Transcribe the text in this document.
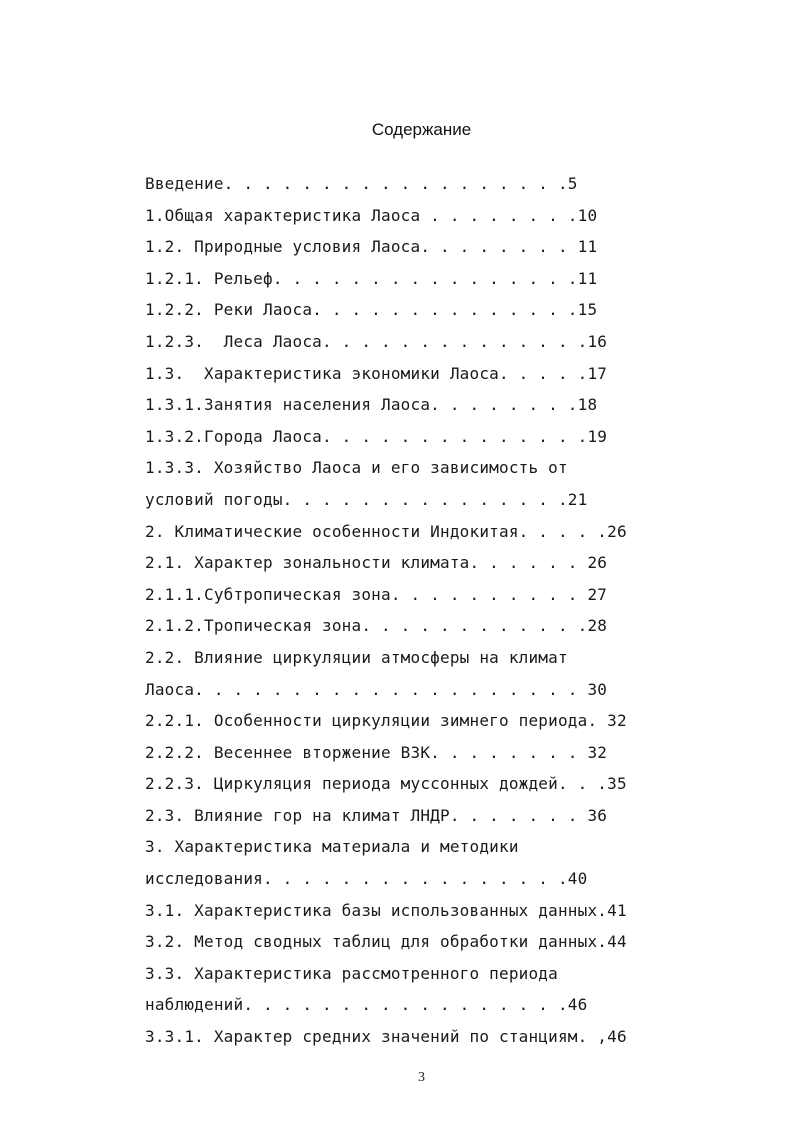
Содержание
Введение. . . . . . . . . . . . . . . . . .5
1.Общая характеристика Лаоса . . . . . . . .10
1.2. Природные условия Лаоса. . . . . . . . 11
1.2.1. Рельеф. . . . . . . . . . . . . . . .11
1.2.2. Реки Лаоса. . . . . . . . . . . . . .15
1.2.3.  Леса Лаоса. . . . . . . . . . . . . .16
1.3.  Характеристика экономики Лаоса. . . . .17
1.3.1.Занятия населения Лаоса. . . . . . . .18
1.3.2.Города Лаоса. . . . . . . . . . . . . .19
1.3.3. Хозяйство Лаоса и его зависимость от
условий погоды. . . . . . . . . . . . . . .21
2. Климатические особенности Индокитая. . . . .26
2.1. Характер зональности климата. . . . . . 26
2.1.1.Субтропическая зона. . . . . . . . . . 27
2.1.2.Тропическая зона. . . . . . . . . . . .28
2.2. Влияние циркуляции атмосферы на климат
Лаоса. . . . . . . . . . . . . . . . . . . . 30
2.2.1. Особенности циркуляции зимнего периода. 32
2.2.2. Весеннее вторжение ВЗК. . . . . . . . 32
2.2.3. Циркуляция периода муссонных дождей. . .35
2.3. Влияние гор на климат ЛНДР. . . . . . . 36
3. Характеристика материала и методики
исследования. . . . . . . . . . . . . . . .40
3.1. Характеристика базы использованных данных.41
3.2. Метод сводных таблиц для обработки данных.44
3.3. Характеристика рассмотренного периода
наблюдений. . . . . . . . . . . . . . . . .46
3.3.1. Характер средних значений по станциям. ,46
3
